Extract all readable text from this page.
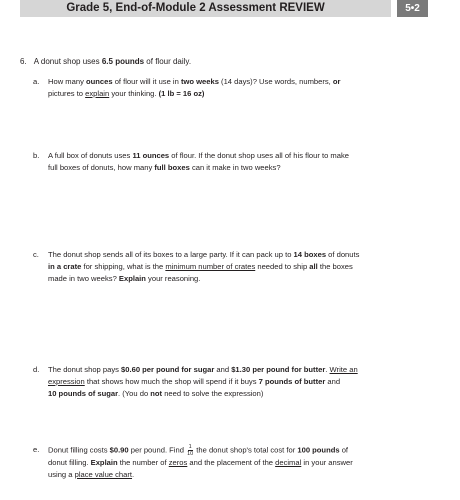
Grade 5, End-of-Module 2 Assessment REVIEW	5•2
6. A donut shop uses 6.5 pounds of flour daily.
a. How many ounces of flour will it use in two weeks (14 days)? Use words, numbers, or
pictures to explain your thinking. (1 lb = 16 oz)
b. A full box of donuts uses 11 ounces of flour. If the donut shop uses all of his flour to make
full boxes of donuts, how many full boxes can it make in two weeks?
c. The donut shop sends all of its boxes to a large party. If it can pack up to 14 boxes of donuts
in a crate for shipping, what is the minimum number of crates needed to ship all the boxes
made in two weeks? Explain your reasoning.
d. The donut shop pays $0.60 per pound for sugar and $1.30 per pound for butter. Write an
expression that shows how much the shop will spend if it buys 7 pounds of butter and
10 pounds of sugar. (You do not need to solve the expression)
e. Donut filling costs $0.90 per pound. Find $\frac{1}{10}$ the donut shop's total cost for 100 pounds of
donut filling. Explain the number of zeros and the placement of the decimal in your answer
using a place value chart.
